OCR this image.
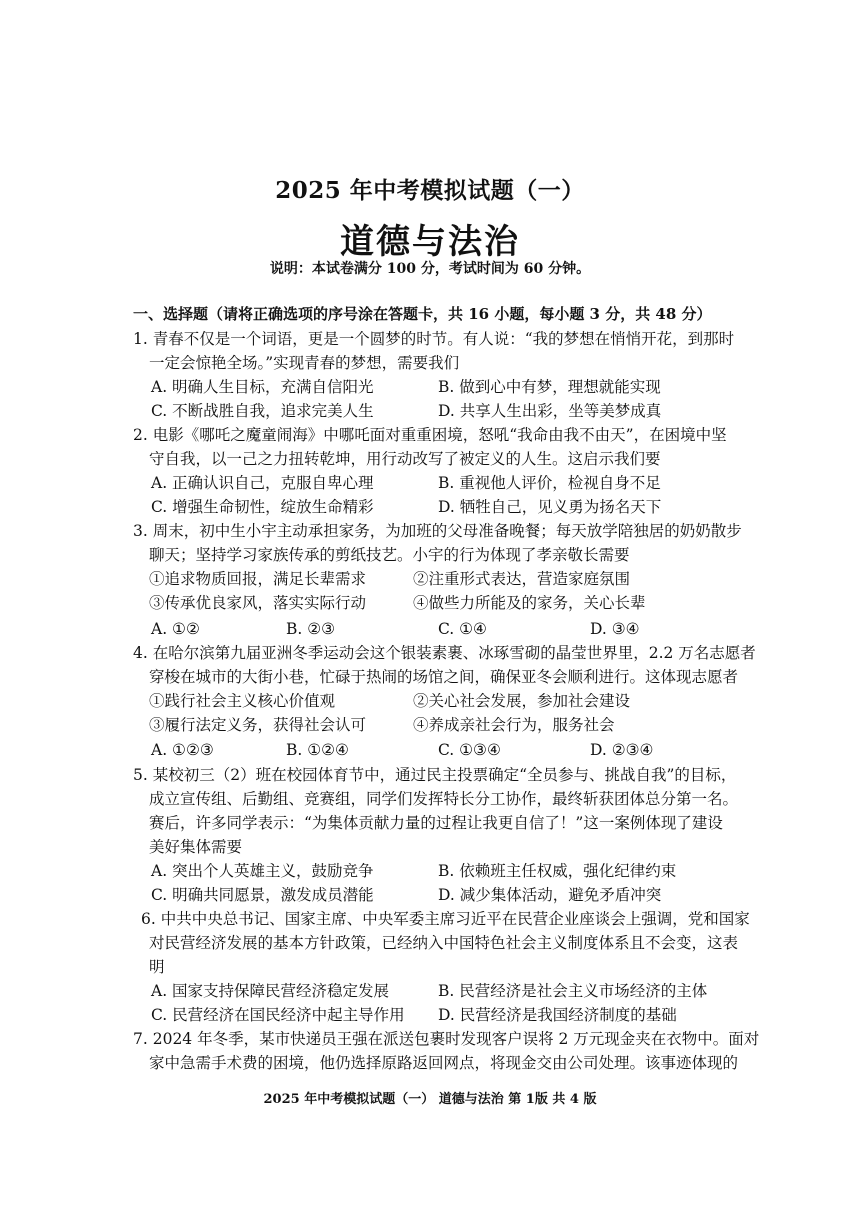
2025 年中考模拟试题（一）
道德与法治
说明：本试卷满分 100 分，考试时间为 60 分钟。
一、选择题（请将正确选项的序号涂在答题卡，共 16 小题，每小题 3 分，共 48 分）
1. 青春不仅是一个词语，更是一个圆梦的时节。有人说：“我的梦想在悄悄开花，到那时
一定会惊艳全场。”实现青春的梦想，需要我们
A. 明确人生目标，充满自信阳光	B. 做到心中有梦，理想就能实现
C. 不断战胜自我，追求完美人生	D. 共享人生出彩，坐等美梦成真
2. 电影《哪吒之魔童闹海》中哪吒面对重重困境，怒吼“我命由我不由天”，在困境中坚
守自我，以一己之力扭转乾坤，用行动改写了被定义的人生。这启示我们要
A. 正确认识自己，克服自卑心理	B. 重视他人评价，检视自身不足
C. 增强生命韧性，绽放生命精彩	D. 牺牲自己，见义勇为扬名天下
3. 周末，初中生小宇主动承担家务，为加班的父母准备晚餐；每天放学陪独居的奶奶散步
聊天；坚持学习家族传承的剪纸技艺。小宇的行为体现了孝亲敬长需要
①追求物质回报，满足长辈需求	②注重形式表达，营造家庭氛围
③传承优良家风，落实实际行动	④做些力所能及的家务，关心长辈
A. ①②	B. ②③	C. ①④	D. ③④
4. 在哈尔滨第九届亚洲冬季运动会这个银装素裹、冰琢雪砌的晶莹世界里，2.2 万名志愿者
穿梭在城市的大街小巷，忙碌于热闹的场馆之间，确保亚冬会顺利进行。这体现志愿者
①践行社会主义核心价值观	②关心社会发展，参加社会建设
③履行法定义务，获得社会认可	④养成亲社会行为，服务社会
A. ①②③	B. ①②④	C. ①③④	D. ②③④
5. 某校初三（2）班在校园体育节中，通过民主投票确定“全员参与、挑战自我”的目标，
成立宣传组、后勤组、竞赛组，同学们发挥特长分工协作，最终斩获团体总分第一名。
赛后，许多同学表示：“为集体贡献力量的过程让我更自信了！”这一案例体现了建设
美好集体需要
A. 突出个人英雄主义，鼓励竞争	B. 依赖班主任权威，强化纪律约束
C. 明确共同愿景，激发成员潜能	D. 减少集体活动，避免矛盾冲突
6. 中共中央总书记、国家主席、中央军委主席习近平在民营企业座谈会上强调，党和国家
对民营经济发展的基本方针政策，已经纳入中国特色社会主义制度体系且不会变，这表
明
A. 国家支持保障民营经济稳定发展	B. 民营经济是社会主义市场经济的主体
C. 民营经济在国民经济中起主导作用 D. 民营经济是我国经济制度的基础
7. 2024 年冬季，某市快递员王强在派送包裹时发现客户误将 2 万元现金夹在衣物中。面对
家中急需手术费的困境，他仍选择原路返回网点，将现金交由公司处理。该事迹体现的
2025 年中考模拟试题（一） 道德与法治 第 1版 共 4 版
